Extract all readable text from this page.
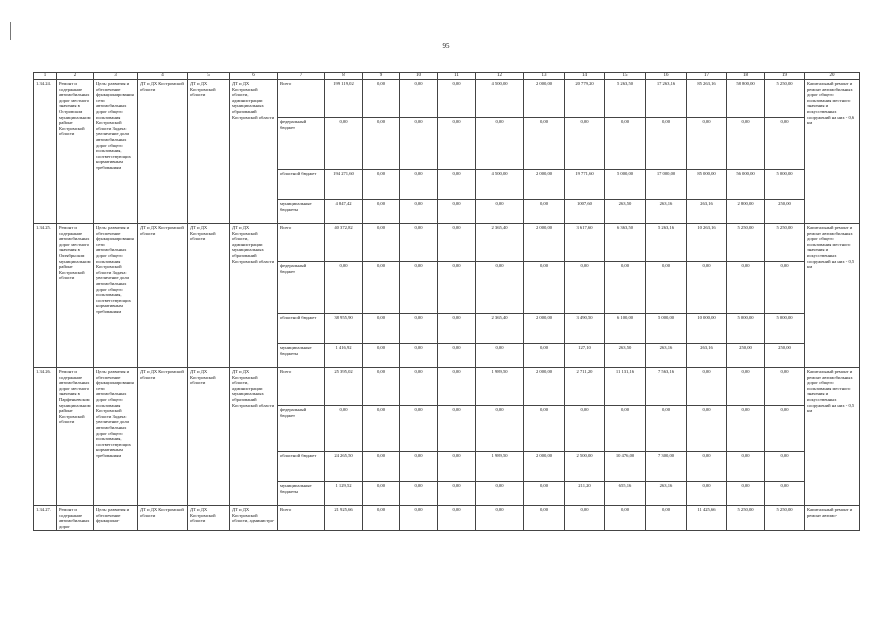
95
1	2	3	4	5	6	7	8	9	10	11	12	13	14	15	16	17	18	19	20
1.34.24.	Ремонт и содержание автомобильных дорог местного значения в Островском муниципальном районе Костромской области	Цель: развития и обеспечение функционирования сети автомобильных дорог общего пользования Костромской области Задача: увеличение доли автомобильных дорог общего пользования, соответствующих нормативным требованиям	ДТ и ДХ Костромской области	ДТ и ДХ Костромской области	ДТ и ДХ Костромской области, администрации муниципальных образований Костромской области	Всего	199 119,02	0,00	0,00	0,00	4 500,00	2 000,00	20 779,20	5 263,50	17 263,16	85 263,16	58 800,00	5 250,00	Капитальный ремонт и ремонт автомобильных дорог общего пользования местного значения и искусственных сооружений на них - 0,6 км
						федеральный бюджет	0,00	0,00	0,00	0,00	0,00	0,00	0,00	0,00	0,00	0,00	0,00	0,00	
						областной бюджет	194 271,60	0,00	0,00	0,00	4 500,00	2 000,00	19 771,60	5 000,00	17 000,00	85 000,00	56 000,00	5 000,00	
						муниципальные бюджеты	4 847,42	0,00	0,00	0,00	0,00	0,00	1007,60	263,50	263,16	263,16	2 800,00	250,00	
1.34.25.	Ремонт и содержание автомобильных дорог местного значения в Октябрьском муниципальном районе Костромской области	Цель: развития и обеспечение функционирования сети автомобильных дорог общего пользования Костромской области Задача: увеличение доли автомобильных дорог общего пользования, соответствующих нормативным требованиям	ДТ и ДХ Костромской области	ДТ и ДХ Костромской области	ДТ и ДХ Костромской области, администрации муниципальных образований Костромской области	Всего	40 372,82	0,00	0,00	0,00	2 365,40	2 000,00	3 617,60	6 363,50	5 263,16	10 263,16	5 250,00	5 250,00	Капитальный ремонт и ремонт автомобильных дорог общего пользования местного значения и искусственных сооружений на них - 0,5 км
						федеральный бюджет	0,00	0,00	0,00	0,00	0,00	0,00	0,00	0,00	0,00	0,00	0,00	0,00	
						областной бюджет	38 955,90	0,00	0,00	0,00	2 365,40	2 000,00	3 490,50	6 100,00	5 000,00	10 000,00	5 000,00	5 000,00	
						муниципальные бюджеты	1 416,92	0,00	0,00	0,00	0,00	0,00	127,10	263,50	263,16	263,16	250,00	250,00	
1.34.26.	Ремонт и содержание автомобильных дорог местного значения в Парфеньевском муниципальном районе Костромской области	Цель: развития и обеспечение функционирования сети автомобильных дорог общего пользования Костромской области Задача: увеличение доли автомобильных дорог общего пользования, соответствующих нормативным требованиям	ДТ и ДХ Костромской области	ДТ и ДХ Костромской области	ДТ и ДХ Костромской области, администрации муниципальных образований Костромской области	Всего	25 395,02	0,00	0,00	0,00	1 989,50	2 000,00	2 711,20	11 131,16	7 563,16	0,00	0,00	0,00	Капитальный ремонт и ремонт автомобильных дорог общего пользования местного значения и искусственных сооружений на них - 0,5 км
						федеральный бюджет	0,00	0,00	0,00	0,00	0,00	0,00	0,00	0,00	0,00	0,00	0,00	0,00	
						областной бюджет	24 265,50	0,00	0,00	0,00	1 989,50	2 000,00	2 500,00	10 476,00	7 300,00	0,00	0,00	0,00	
						муниципальные бюджеты	1 129,52	0,00	0,00	0,00	0,00	0,00	211,20	655,16	263,16	0,00	0,00	0,00	
1.34.27.	Ремонт и содержание автомобильных дорог	Цель: развития и обеспечение функциони-	ДТ и ДХ Костромской области	ДТ и ДХ Костромской области	ДТ и ДХ Костромской области, администра-	Всего	21 925,66	0,00	0,00	0,00	0,00	0,00	0,00	0,00	0,00	11 425,66	5 250,00	5 250,00	Капитальный ремонт и ремонт автомо-
